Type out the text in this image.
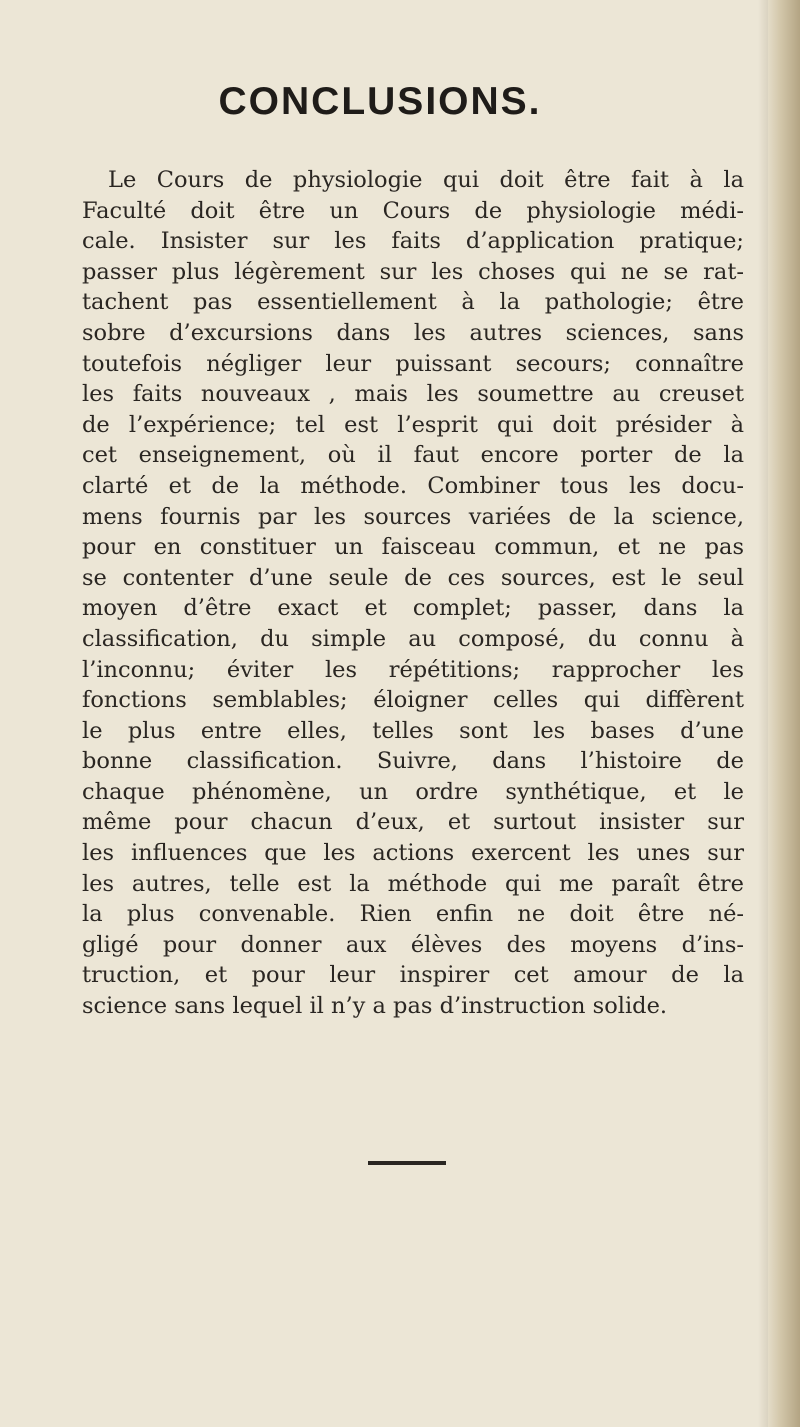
CONCLUSIONS.
Le Cours de physiologie qui doit être fait à la
Faculté doit être un Cours de physiologie médi-
cale. Insister sur les faits d’application pratique;
passer plus légèrement sur les choses qui ne se rat-
tachent pas essentiellement à la pathologie; être
sobre d’excursions dans les autres sciences, sans
toutefois négliger leur puissant secours; connaître
les faits nouveaux , mais les soumettre au creuset
de l’expérience; tel est l’esprit qui doit présider à
cet enseignement, où il faut encore porter de la
clarté et de la méthode. Combiner tous les docu-
mens fournis par les sources variées de la science,
pour en constituer un faisceau commun, et ne pas
se contenter d’une seule de ces sources, est le seul
moyen d’être exact et complet; passer, dans la
classification, du simple au composé, du connu à
l’inconnu; éviter les répétitions; rapprocher les
fonctions semblables; éloigner celles qui diffèrent
le plus entre elles, telles sont les bases d’une
bonne classification. Suivre, dans l’histoire de
chaque phénomène, un ordre synthétique, et le
même pour chacun d’eux, et surtout insister sur
les influences que les actions exercent les unes sur
les autres, telle est la méthode qui me paraît être
la plus convenable. Rien enfin ne doit être né-
gligé pour donner aux élèves des moyens d’ins-
truction, et pour leur inspirer cet amour de la
science sans lequel il n’y a pas d’instruction solide.
